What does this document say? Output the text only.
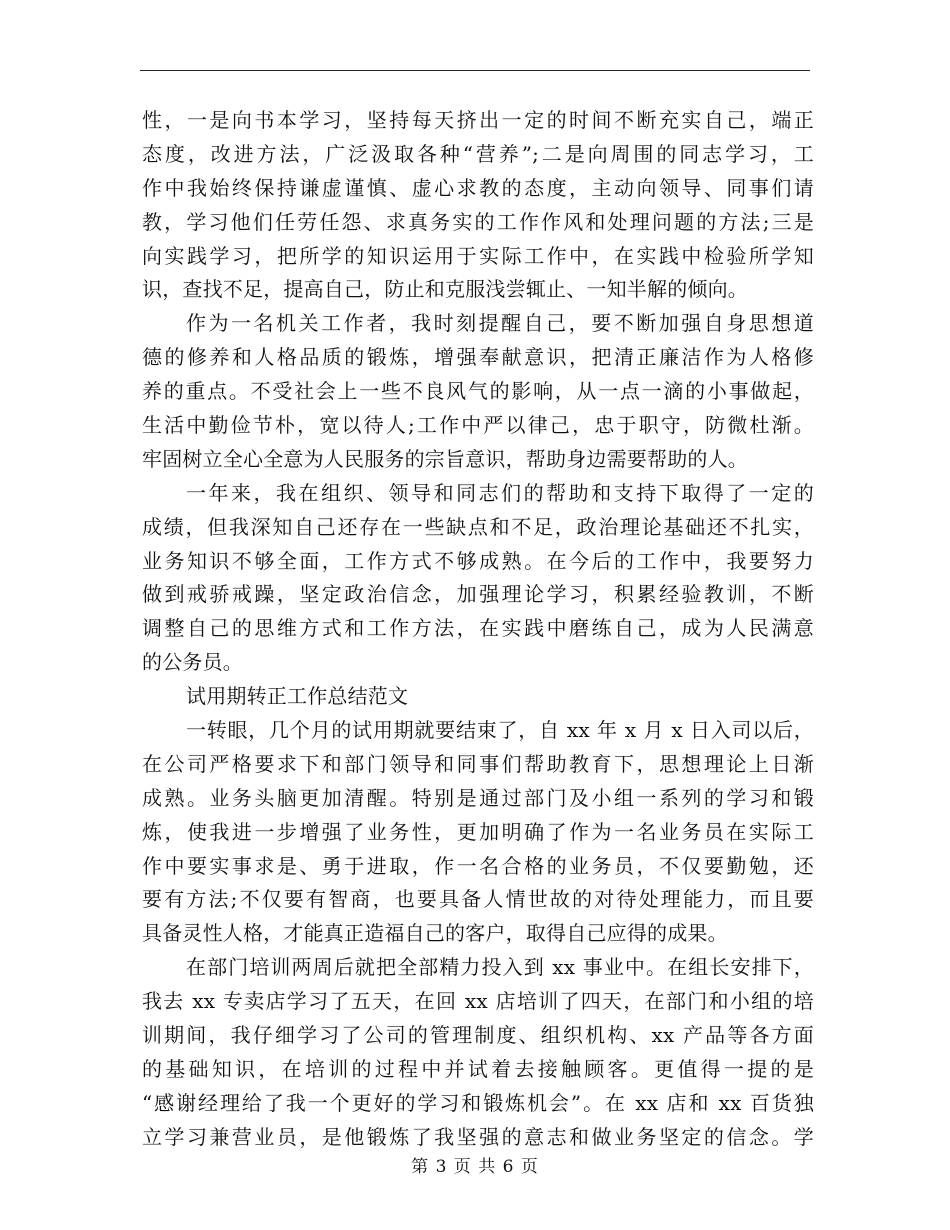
性，一是向书本学习，坚持每天挤出一定的时间不断充实自己，端正
态度，改进方法，广泛汲取各种“营养”;二是向周围的同志学习，工
作中我始终保持谦虚谨慎、虚心求教的态度，主动向领导、同事们请
教，学习他们任劳任怨、求真务实的工作作风和处理问题的方法;三是
向实践学习，把所学的知识运用于实际工作中，在实践中检验所学知
识，查找不足，提高自己，防止和克服浅尝辄止、一知半解的倾向。
作为一名机关工作者，我时刻提醒自己，要不断加强自身思想道
德的修养和人格品质的锻炼，增强奉献意识，把清正廉洁作为人格修
养的重点。不受社会上一些不良风气的影响，从一点一滴的小事做起，
生活中勤俭节朴，宽以待人;工作中严以律己，忠于职守，防微杜渐。
牢固树立全心全意为人民服务的宗旨意识，帮助身边需要帮助的人。
一年来，我在组织、领导和同志们的帮助和支持下取得了一定的
成绩，但我深知自己还存在一些缺点和不足，政治理论基础还不扎实，
业务知识不够全面，工作方式不够成熟。在今后的工作中，我要努力
做到戒骄戒躁，坚定政治信念，加强理论学习，积累经验教训，不断
调整自己的思维方式和工作方法，在实践中磨练自己，成为人民满意
的公务员。
试用期转正工作总结范文
一转眼，几个月的试用期就要结束了，自 xx 年 x 月 x 日入司以后，
在公司严格要求下和部门领导和同事们帮助教育下，思想理论上日渐
成熟。业务头脑更加清醒。特别是通过部门及小组一系列的学习和锻
炼，使我进一步增强了业务性，更加明确了作为一名业务员在实际工
作中要实事求是、勇于进取，作一名合格的业务员，不仅要勤勉，还
要有方法;不仅要有智商，也要具备人情世故的对待处理能力，而且要
具备灵性人格，才能真正造福自己的客户，取得自己应得的成果。
在部门培训两周后就把全部精力投入到 xx 事业中。在组长安排下，
我去 xx 专卖店学习了五天，在回 xx 店培训了四天，在部门和小组的培
训期间，我仔细学习了公司的管理制度、组织机构、xx 产品等各方面
的基础知识，在培训的过程中并试着去接触顾客。更值得一提的是
“感谢经理给了我一个更好的学习和锻炼机会”。在 xx 店和 xx 百货独
立学习兼营业员，是他锻炼了我坚强的意志和做业务坚定的信念。学
第 3 页 共 6 页
